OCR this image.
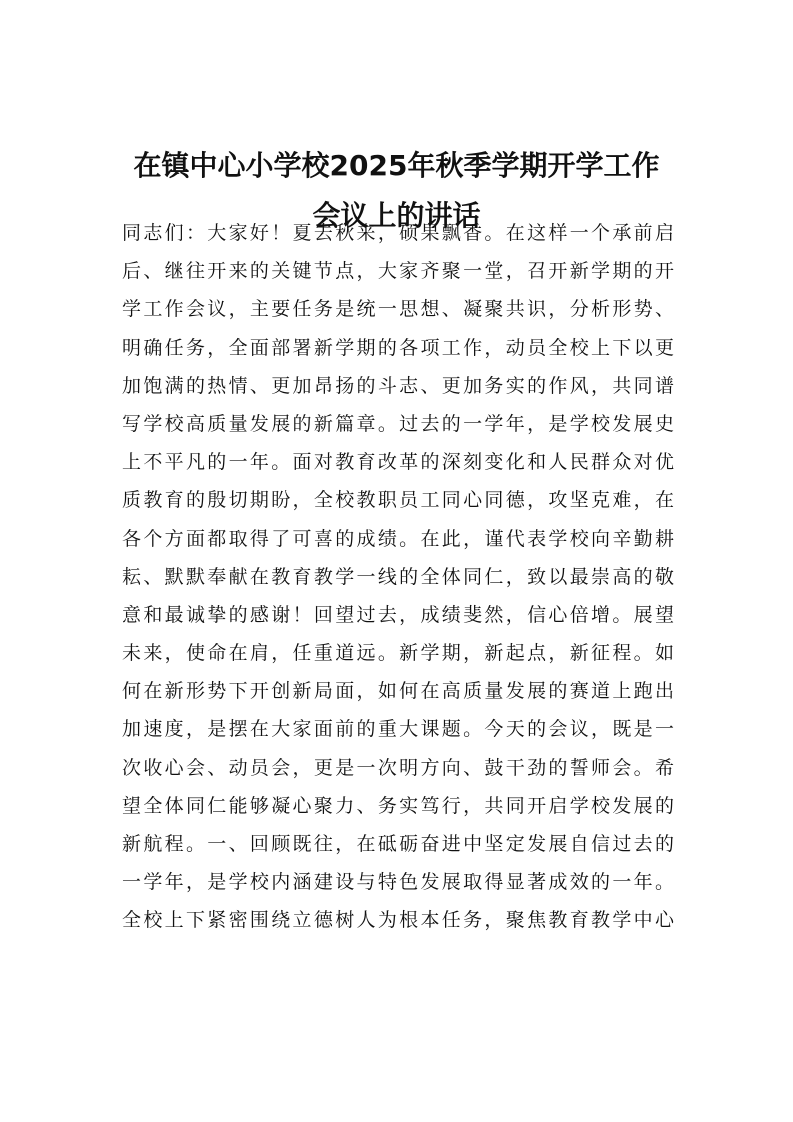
在镇中心小学校2025年秋季学期开学工作
会议上的讲话
同志们：大家好！夏去秋来，硕果飘香。在这样一个承前启
后、继往开来的关键节点，大家齐聚一堂，召开新学期的开
学工作会议，主要任务是统一思想、凝聚共识，分析形势、
明确任务，全面部署新学期的各项工作，动员全校上下以更
加饱满的热情、更加昂扬的斗志、更加务实的作风，共同谱
写学校高质量发展的新篇章。过去的一学年，是学校发展史
上不平凡的一年。面对教育改革的深刻变化和人民群众对优
质教育的殷切期盼，全校教职员工同心同德，攻坚克难，在
各个方面都取得了可喜的成绩。在此，谨代表学校向辛勤耕
耘、默默奉献在教育教学一线的全体同仁，致以最崇高的敬
意和最诚挚的感谢！回望过去，成绩斐然，信心倍增。展望
未来，使命在肩，任重道远。新学期，新起点，新征程。如
何在新形势下开创新局面，如何在高质量发展的赛道上跑出
加速度，是摆在大家面前的重大课题。今天的会议，既是一
次收心会、动员会，更是一次明方向、鼓干劲的誓师会。希
望全体同仁能够凝心聚力、务实笃行，共同开启学校发展的
新航程。一、回顾既往，在砥砺奋进中坚定发展自信过去的
一学年，是学校内涵建设与特色发展取得显著成效的一年。
全校上下紧密围绕立德树人为根本任务，聚焦教育教学中心
